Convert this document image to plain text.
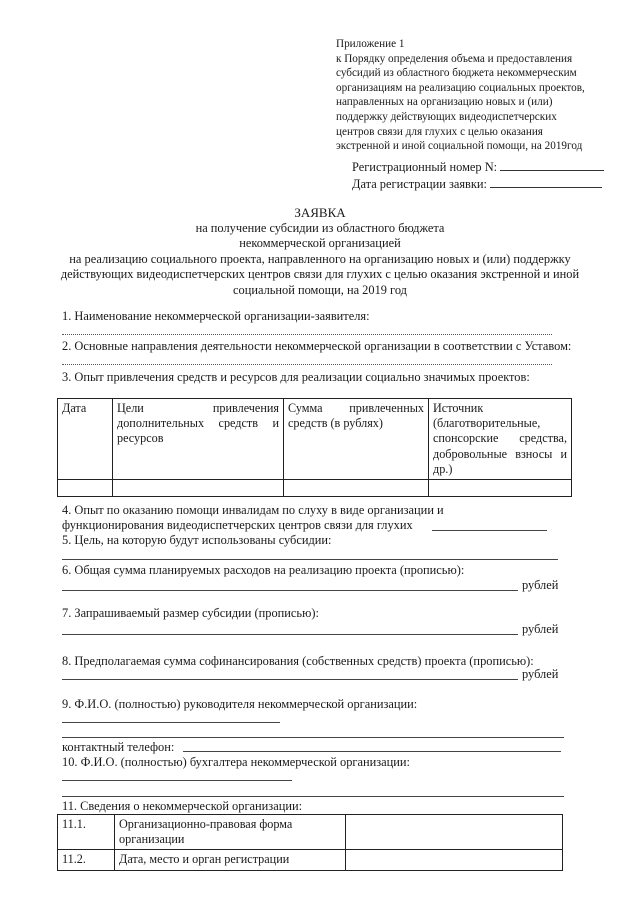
Приложение 1
к Порядку определения объема и предоставления
субсидий из областного бюджета некоммерческим
организациям на реализацию социальных проектов,
направленных на организацию новых и (или)
поддержку действующих видеодиспетчерских
центров связи для глухих с целью оказания
экстренной и иной социальной помощи, на 2019год
Регистрационный номер N:
Дата регистрации заявки:
ЗАЯВКА
на получение субсидии из областного бюджета
некоммерческой организацией
на реализацию социального проекта, направленного на организацию новых и (или) поддержку
действующих видеодиспетчерских центров связи для глухих с целью оказания экстренной и иной
социальной помощи, на 2019 год
1. Наименование некоммерческой организации-заявителя:
2. Основные направления деятельности некоммерческой организации в соответствии с Уставом:
3. Опыт привлечения средств и ресурсов для реализации социально значимых проектов:
Дата	Цели привлечения дополнительных средств и ресурсов	Сумма привлеченных средств (в рублях)	Источник (благотворительные, спонсорские средства, добровольные взносы и др.)

4. Опыт по оказанию помощи инвалидам по слуху в виде организации и
функционирования видеодиспетчерских центров связи для глухих
5. Цель, на которую будут использованы субсидии:
6. Общая сумма планируемых расходов на реализацию проекта (прописью):
рублей
7. Запрашиваемый размер субсидии (прописью):
рублей
8. Предполагаемая сумма софинансирования (собственных средств) проекта (прописью):
рублей
9. Ф.И.О. (полностью) руководителя некоммерческой организации:
контактный телефон:
10. Ф.И.О. (полностью) бухгалтера некоммерческой организации:
11. Сведения о некоммерческой организации:
11.1.	Организационно-правовая форма организации	
11.2.	Дата, место и орган регистрации	
